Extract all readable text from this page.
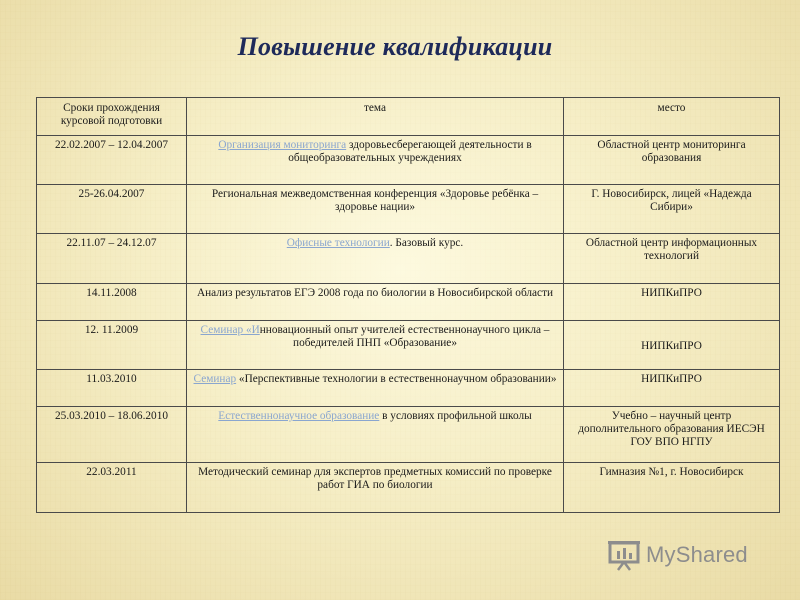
Повышение квалификации
Сроки прохождения курсовой подготовки	тема	место
22.02.2007 – 12.04.2007	Организация мониторинга здоровьесберегающей деятельности в общеобразовательных учреждениях	Областной центр мониторинга образования
25-26.04.2007	Региональная межведомственная конференция «Здоровье ребёнка – здоровье нации»	Г. Новосибирск, лицей «Надежда Сибири»
22.11.07 – 24.12.07	Офисные технологии. Базовый курс.	Областной центр информационных технологий
14.11.2008	Анализ результатов ЕГЭ 2008 года по биологии в Новосибирской области	НИПКиПРО
12. 11.2009	Семинар «Инновационный опыт учителей естественнонаучного цикла – победителей ПНП «Образование»	НИПКиПРО
11.03.2010	Семинар «Перспективные технологии в естественнонаучном образовании»	НИПКиПРО
25.03.2010 – 18.06.2010	Естественнонаучное образование в условиях профильной школы	Учебно – научный центр дополнительного образования ИЕСЭН ГОУ ВПО НГПУ
22.03.2011	Методический семинар для экспертов предметных комиссий по проверке работ ГИА по биологии	Гимназия №1, г. Новосибирск
MyShared
